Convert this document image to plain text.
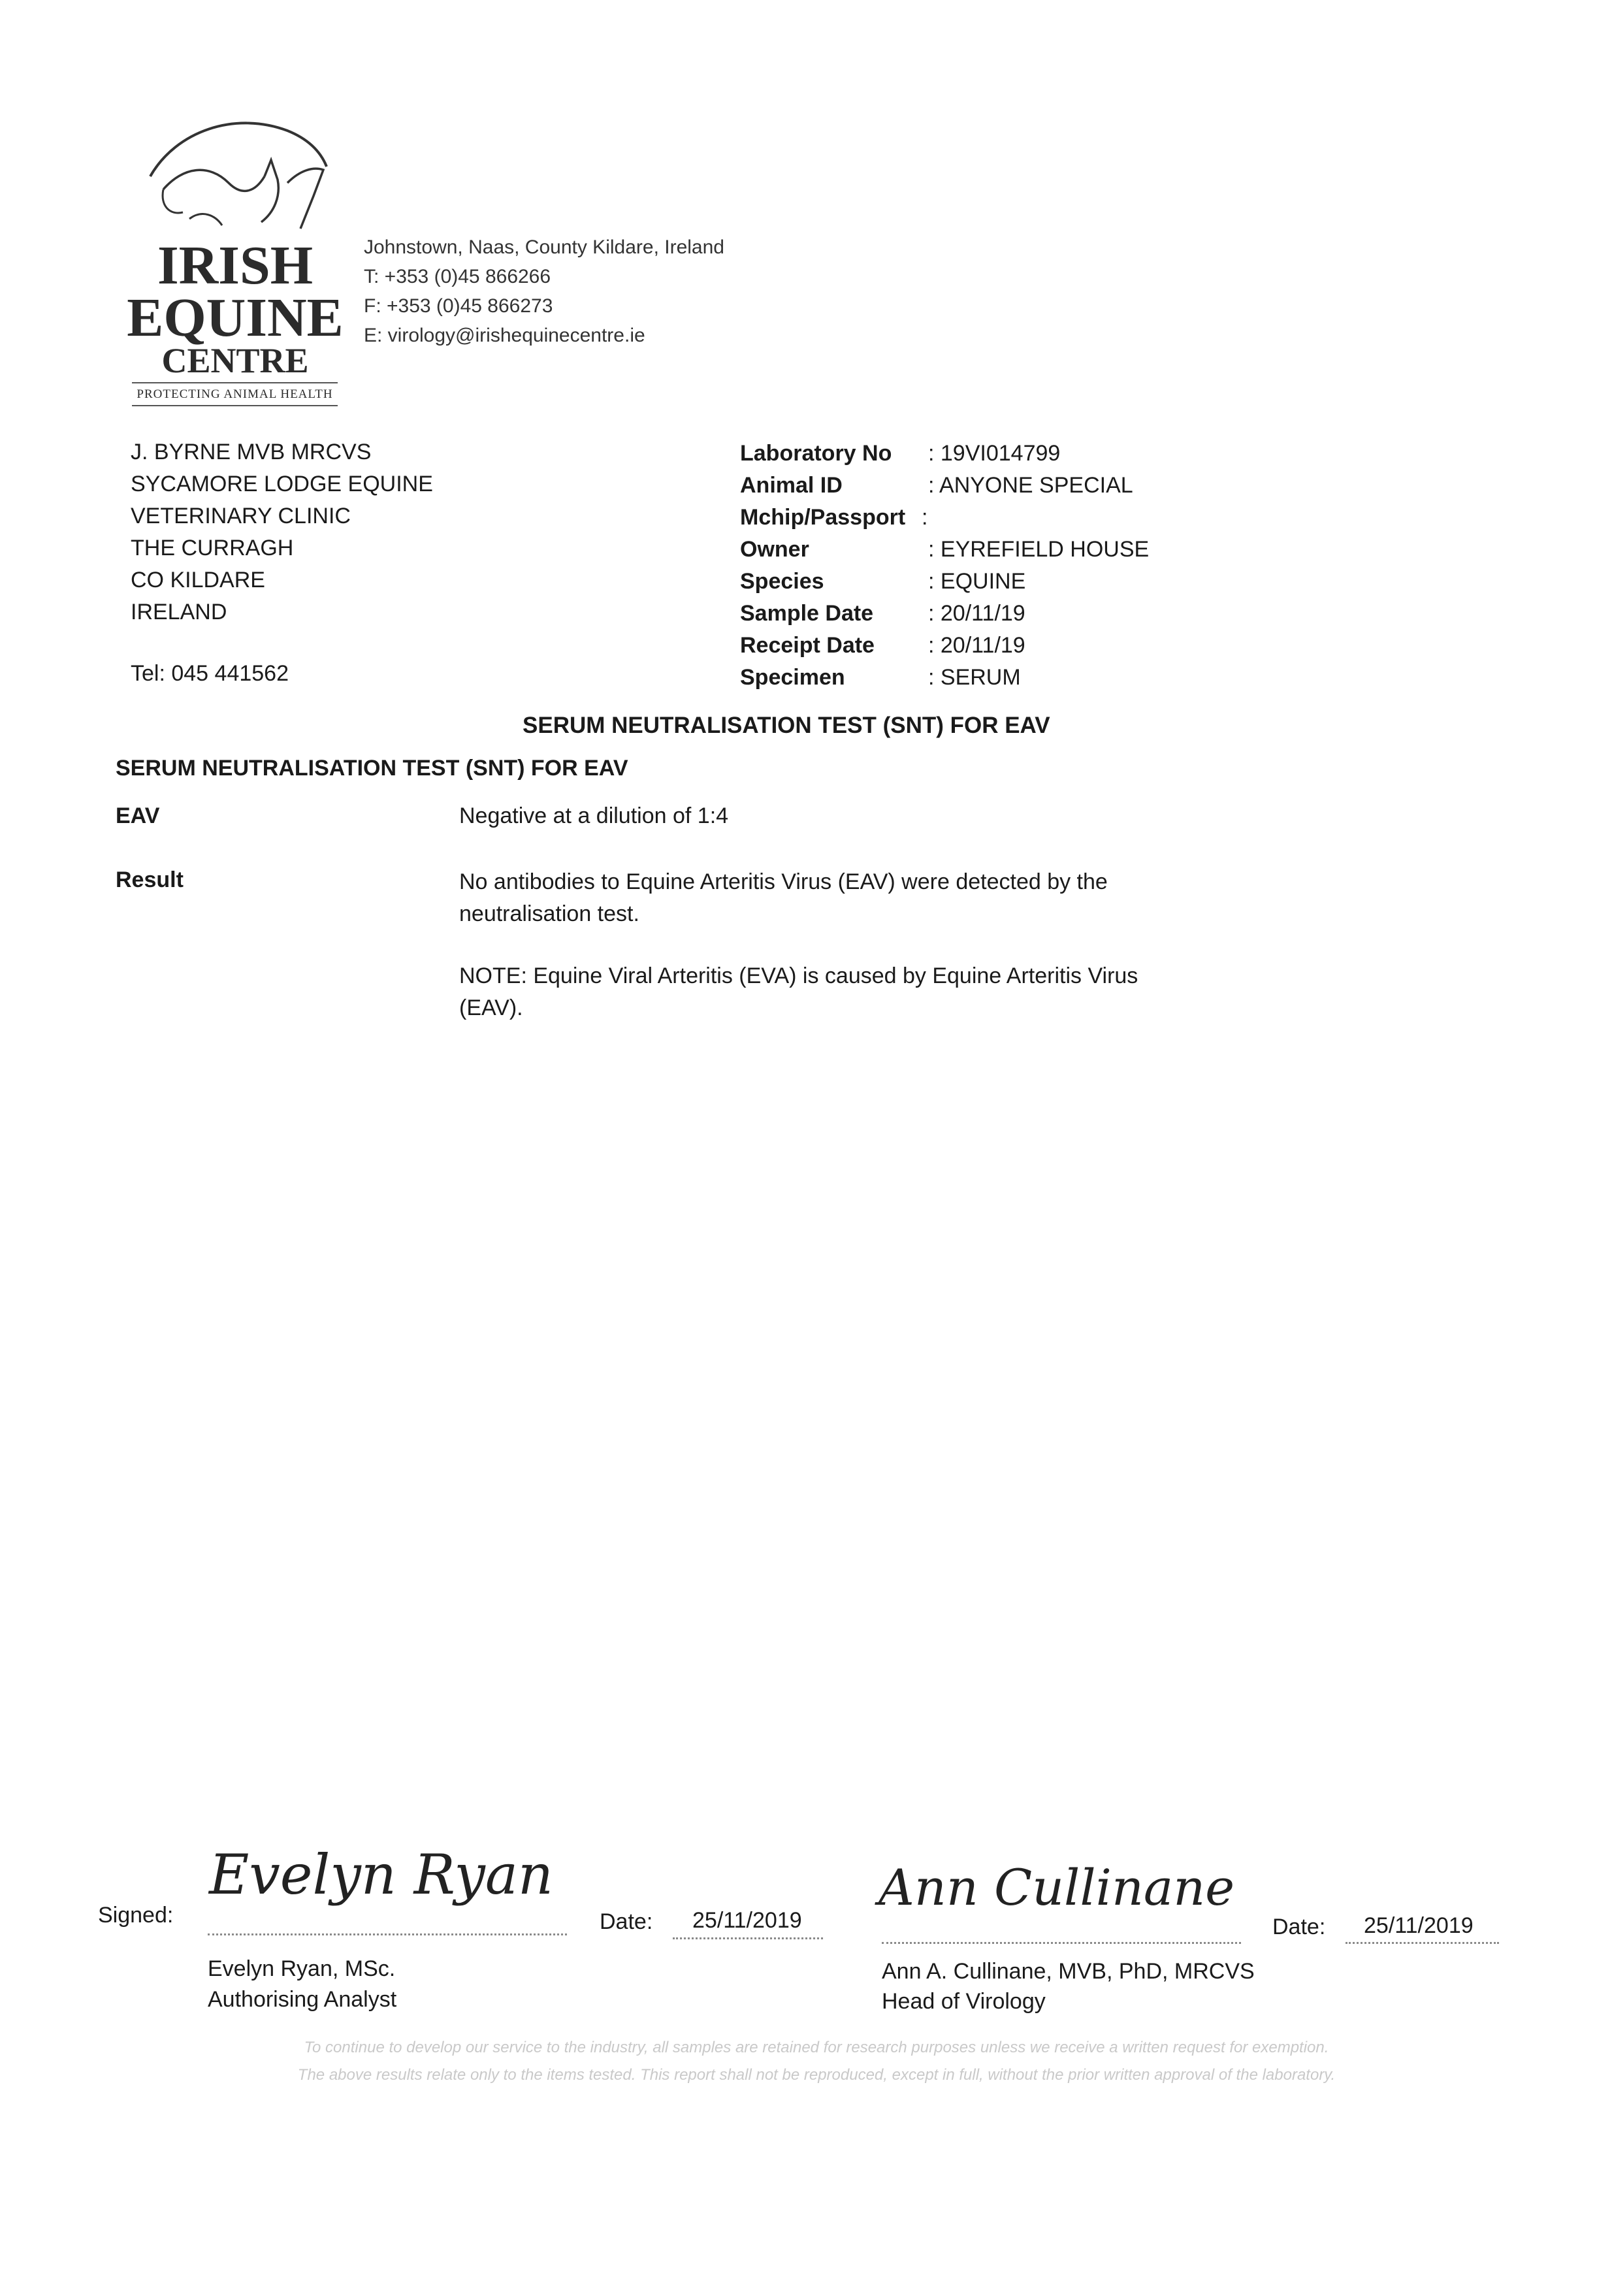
IRISH
EQUINE
CENTRE
PROTECTING ANIMAL HEALTH
Johnstown, Naas, County Kildare, Ireland
T: +353 (0)45 866266
F: +353 (0)45 866273
E: virology@irishequinecentre.ie
J. BYRNE MVB MRCVS
SYCAMORE LODGE EQUINE
VETERINARY CLINIC
THE CURRAGH
CO KILDARE
IRELAND
Tel: 045 441562
Laboratory No	: 19VI014799
Animal ID	: ANYONE SPECIAL
Mchip/Passport :
Owner	: EYREFIELD HOUSE
Species	: EQUINE
Sample Date	: 20/11/19
Receipt Date	: 20/11/19
Specimen	: SERUM
SERUM NEUTRALISATION TEST (SNT) FOR EAV
SERUM NEUTRALISATION TEST (SNT) FOR EAV
EAV	Negative at a dilution of 1:4
Result	No antibodies to Equine Arteritis Virus (EAV) were detected by the
neutralisation test.
NOTE: Equine Viral Arteritis (EVA) is caused by Equine Arteritis Virus
(EAV).
Signed:
Evelyn Ryan
Date: 25/11/2019
Evelyn Ryan, MSc.
Authorising Analyst
Ann Cullinane
Date: 25/11/2019
Ann A. Cullinane, MVB, PhD, MRCVS
Head of Virology
To continue to develop our service to the industry, all samples are retained for research purposes unless we receive a written request for exemption.
The above results relate only to the items tested. This report shall not be reproduced, except in full, without the prior written approval of the laboratory.
